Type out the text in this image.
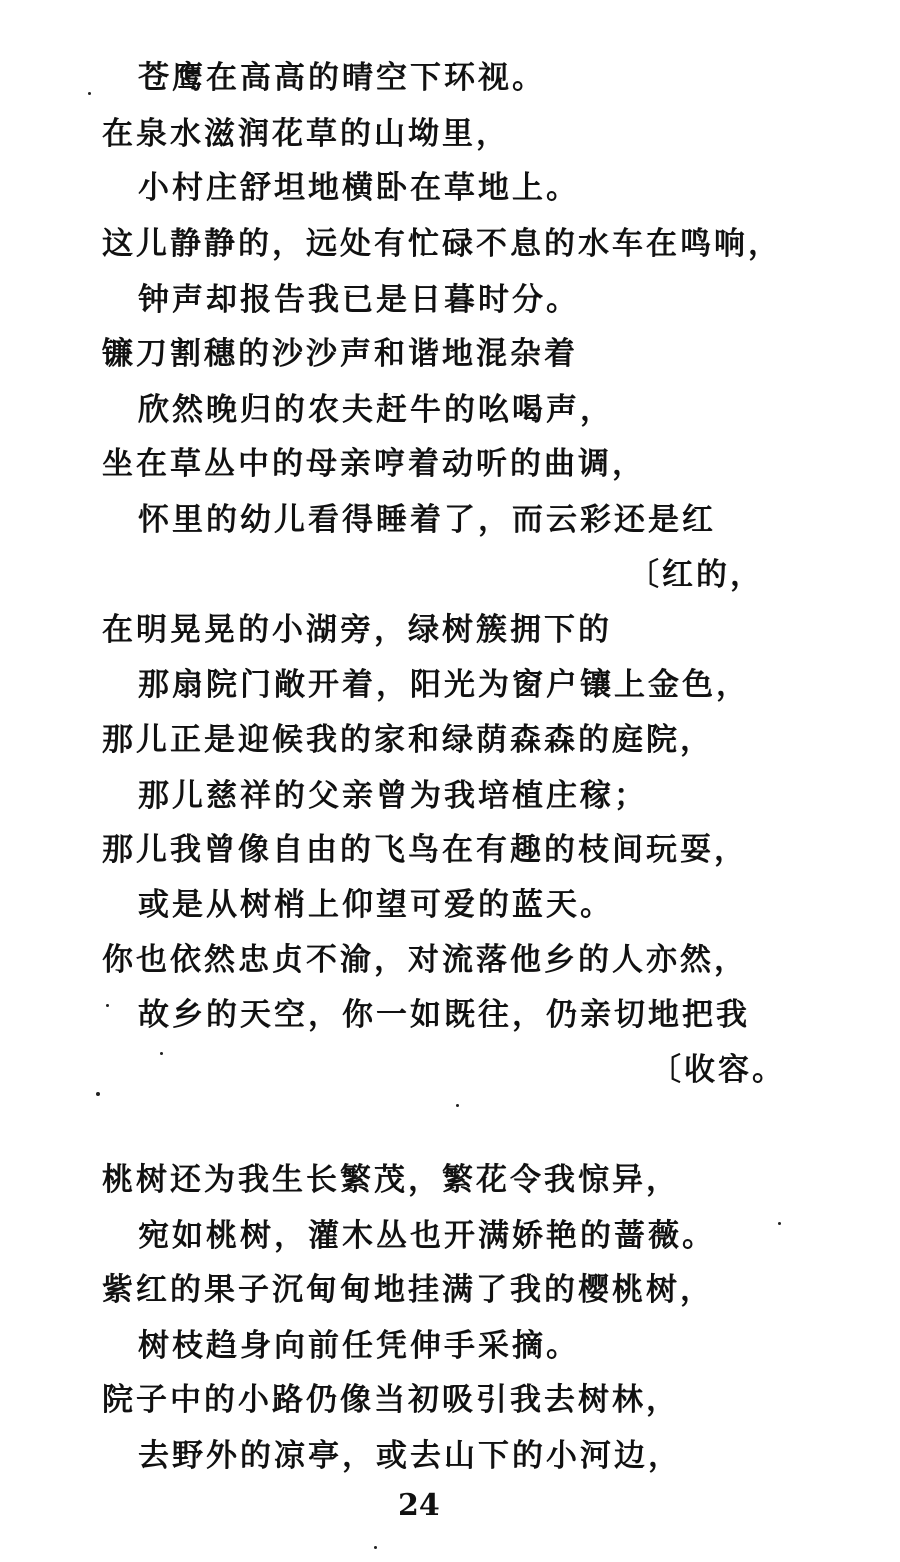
苍鹰在高高的晴空下环视。
在泉水滋润花草的山坳里，
小村庄舒坦地横卧在草地上。
这儿静静的，远处有忙碌不息的水车在鸣响，
钟声却报告我已是日暮时分。
镰刀割穗的沙沙声和谐地混杂着
欣然晚归的农夫赶牛的吆喝声，
坐在草丛中的母亲哼着动听的曲调，
怀里的幼儿看得睡着了，而云彩还是红
〔红的，
在明晃晃的小湖旁，绿树簇拥下的
那扇院门敞开着，阳光为窗户镶上金色，
那儿正是迎候我的家和绿荫森森的庭院，
那儿慈祥的父亲曾为我培植庄稼；
那儿我曾像自由的飞鸟在有趣的枝间玩耍，
或是从树梢上仰望可爱的蓝天。
你也依然忠贞不渝，对流落他乡的人亦然，
故乡的天空，你一如既往，仍亲切地把我
〔收容。
桃树还为我生长繁茂，繁花令我惊异，
宛如桃树，灌木丛也开满娇艳的蔷薇。
紫红的果子沉甸甸地挂满了我的樱桃树，
树枝趋身向前任凭伸手采摘。
院子中的小路仍像当初吸引我去树林，
去野外的凉亭，或去山下的小河边，
24
